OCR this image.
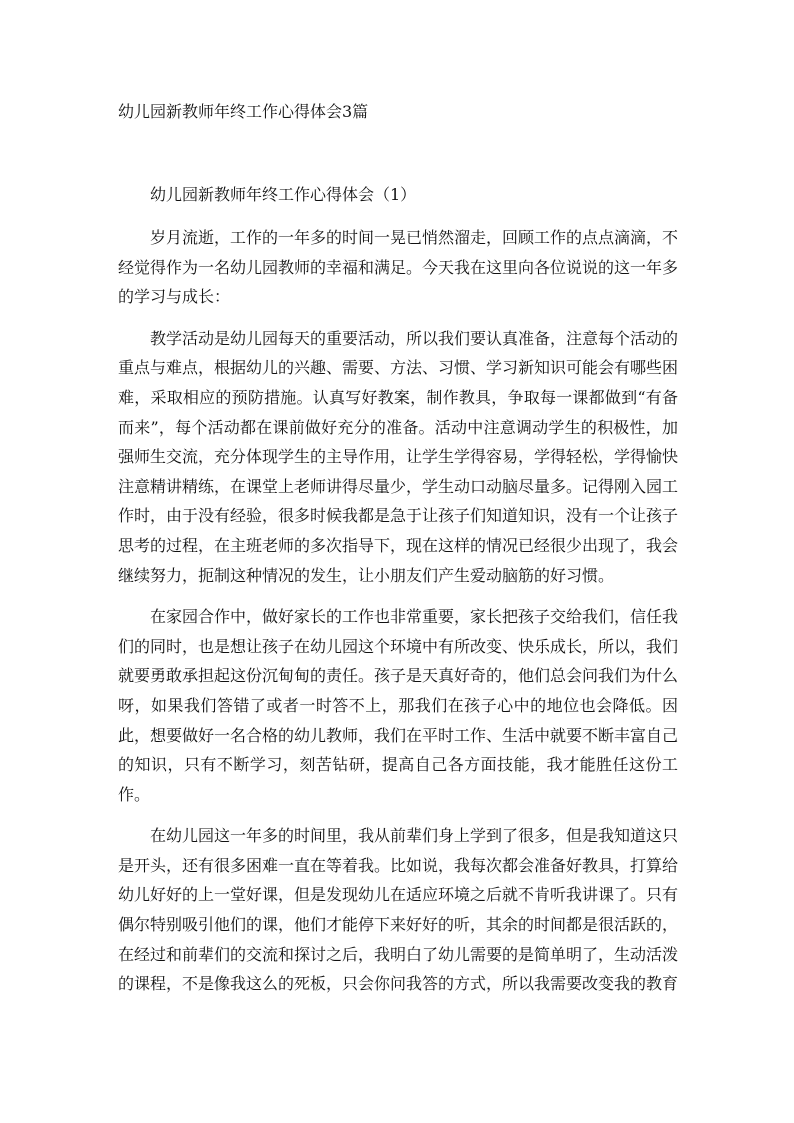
幼儿园新教师年终工作心得体会3篇
幼儿园新教师年终工作心得体会（1）

岁月流逝，工作的一年多的时间一晃已悄然溜走，回顾工作的点点滴滴，不经觉得作为一名幼儿园教师的幸福和满足。今天我在这里向各位说说的这一年多的学习与成长：

教学活动是幼儿园每天的重要活动，所以我们要认真准备，注意每个活动的重点与难点，根据幼儿的兴趣、需要、方法、习惯、学习新知识可能会有哪些困难，采取相应的预防措施。认真写好教案，制作教具，争取每一课都做到“有备而来”，每个活动都在课前做好充分的准备。活动中注意调动学生的积极性，加强师生交流，充分体现学生的主导作用，让学生学得容易，学得轻松，学得愉快注意精讲精练，在课堂上老师讲得尽量少，学生动口动脑尽量多。记得刚入园工作时，由于没有经验，很多时候我都是急于让孩子们知道知识，没有一个让孩子思考的过程，在主班老师的多次指导下，现在这样的情况已经很少出现了，我会继续努力，扼制这种情况的发生，让小朋友们产生爱动脑筋的好习惯。

在家园合作中，做好家长的工作也非常重要，家长把孩子交给我们，信任我们的同时，也是想让孩子在幼儿园这个环境中有所改变、快乐成长，所以，我们就要勇敢承担起这份沉甸甸的责任。孩子是天真好奇的，他们总会问我们为什么呀，如果我们答错了或者一时答不上，那我们在孩子心中的地位也会降低。因此，想要做好一名合格的幼儿教师，我们在平时工作、生活中就要不断丰富自己的知识，只有不断学习，刻苦钻研，提高自己各方面技能，我才能胜任这份工作。

在幼儿园这一年多的时间里，我从前辈们身上学到了很多，但是我知道这只是开头，还有很多困难一直在等着我。比如说，我每次都会准备好教具，打算给幼儿好好的上一堂好课，但是发现幼儿在适应环境之后就不肯听我讲课了。只有偶尔特别吸引他们的课，他们才能停下来好好的听，其余的时间都是很活跃的，在经过和前辈们的交流和探讨之后，我明白了幼儿需要的是简单明了，生动活泼的课程，不是像我这么的死板，只会你问我答的方式，所以我需要改变我的教育
